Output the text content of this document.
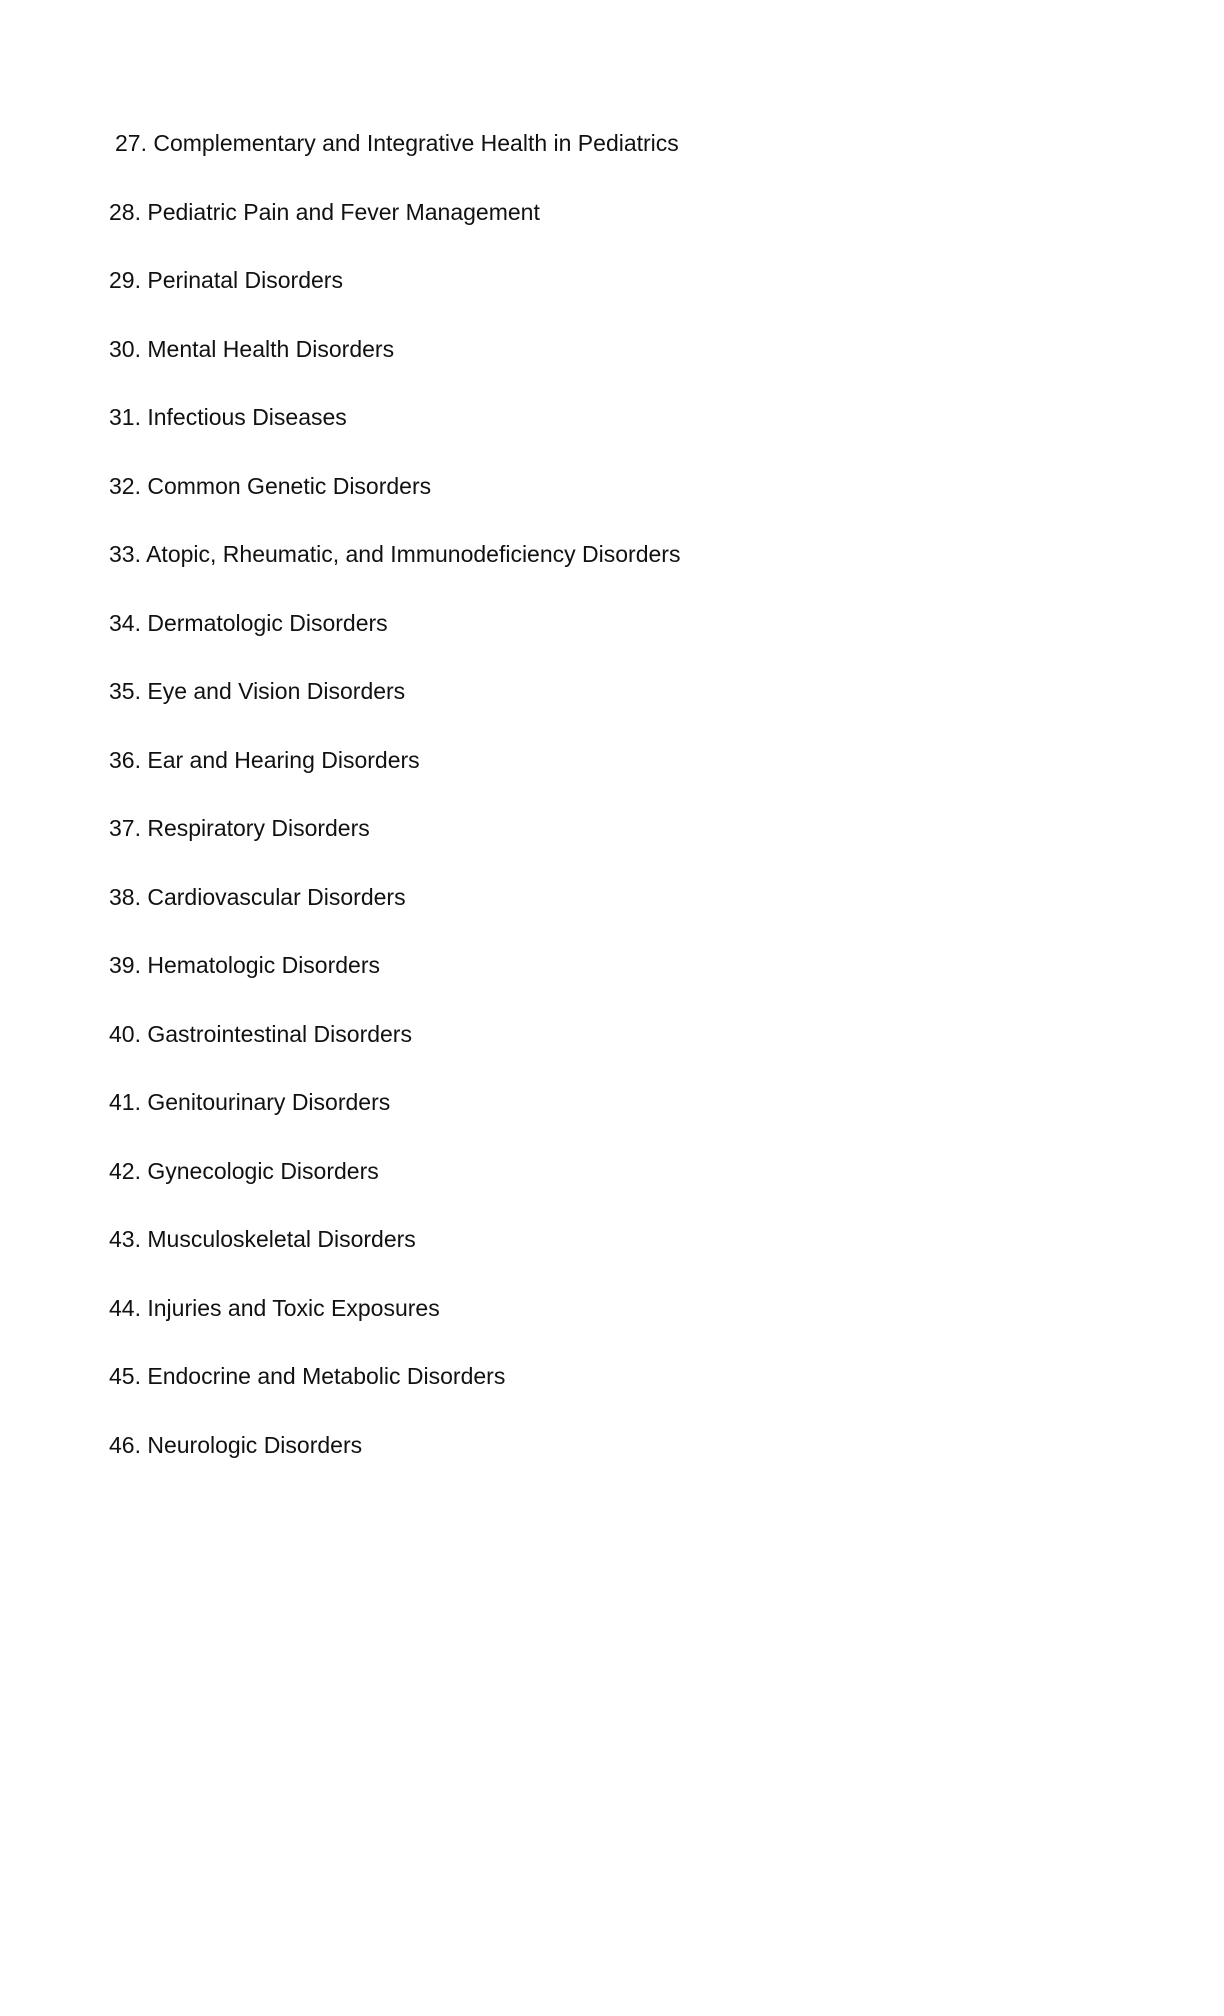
27. Complementary and Integrative Health in Pediatrics
28. Pediatric Pain and Fever Management
29. Perinatal Disorders
30. Mental Health Disorders
31. Infectious Diseases
32. Common Genetic Disorders
33. Atopic, Rheumatic, and Immunodeficiency Disorders
34. Dermatologic Disorders
35. Eye and Vision Disorders
36. Ear and Hearing Disorders
37. Respiratory Disorders
38. Cardiovascular Disorders
39. Hematologic Disorders
40. Gastrointestinal Disorders
41. Genitourinary Disorders
42. Gynecologic Disorders
43. Musculoskeletal Disorders
44. Injuries and Toxic Exposures
45. Endocrine and Metabolic Disorders
46. Neurologic Disorders
